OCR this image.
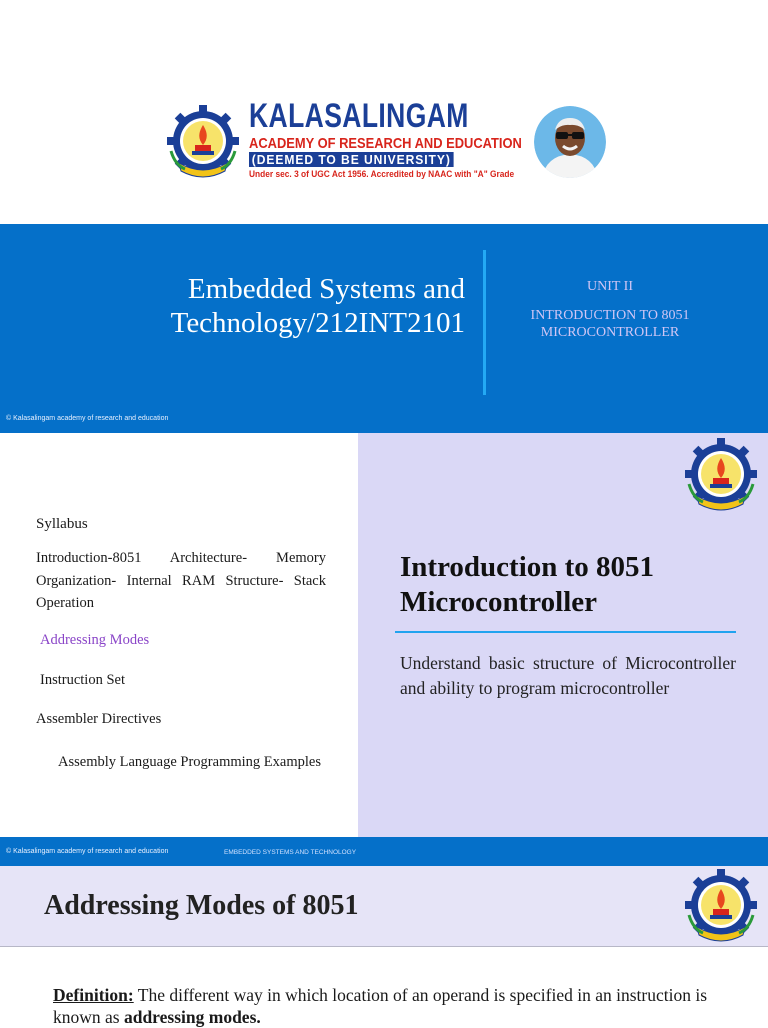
KALASALINGAM
ACADEMY OF RESEARCH AND EDUCATION
(DEEMED TO BE UNIVERSITY)
Under sec. 3 of UGC Act 1956. Accredited by NAAC with "A" Grade
Embedded Systems and Technology/212INT2101
UNIT II
INTRODUCTION TO 8051 MICROCONTROLLER
© Kalasalingam academy of research and education
Syllabus
Introduction-8051 Architecture- Memory Organization- Internal RAM Structure- Stack Operation
Addressing Modes
Instruction Set
Assembler Directives
Assembly Language Programming Examples
Introduction to 8051 Microcontroller
Understand basic structure of Microcontroller and ability to program microcontroller
© Kalasalingam academy of research and education	EMBEDDED SYSTEMS AND TECHNOLOGY
Addressing Modes of 8051
Definition: The different way in which location of an operand is specified in an instruction is known as addressing modes.
